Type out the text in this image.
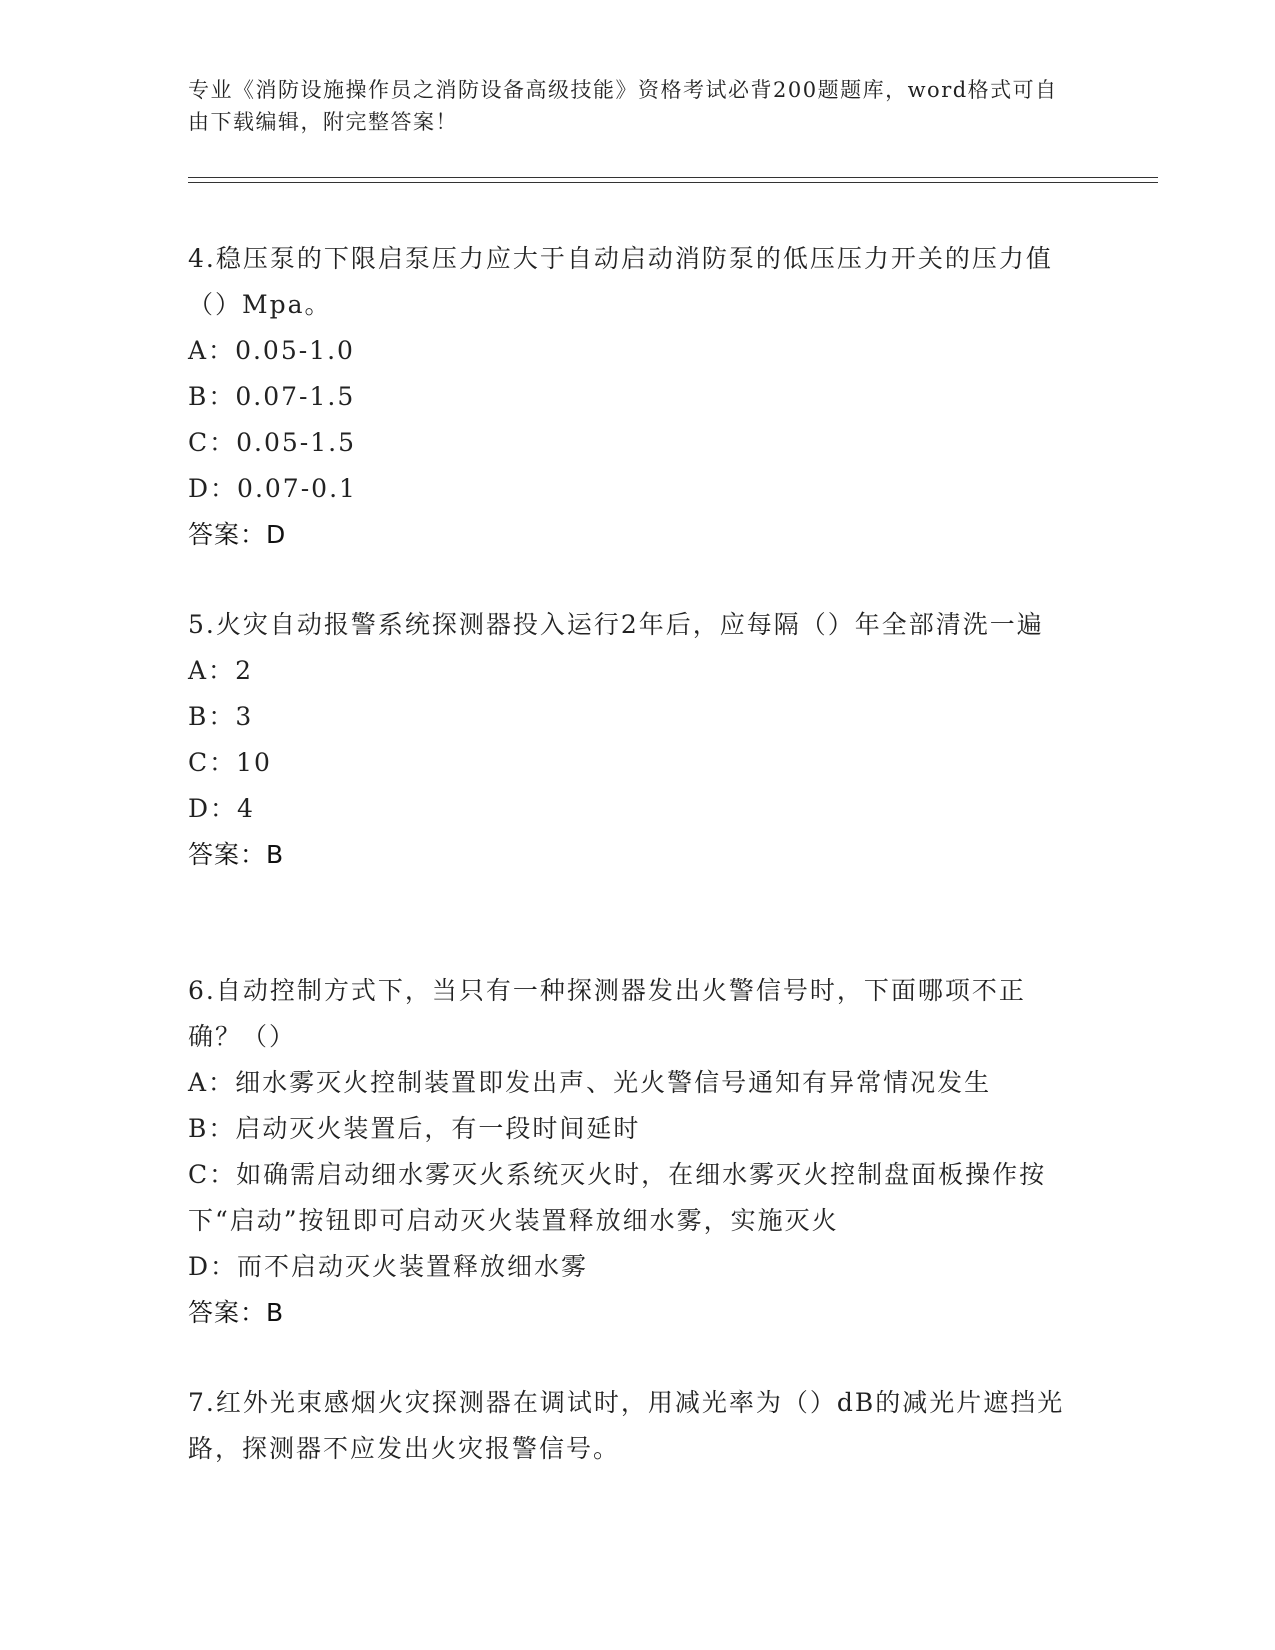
专业《消防设施操作员之消防设备高级技能》资格考试必背200题题库，word格式可自由下载编辑，附完整答案！

4.稳压泵的下限启泵压力应大于自动启动消防泵的低压压力开关的压力值（）Mpa。

A：0.05-1.0

B：0.07-1.5

C：0.05-1.5

D：0.07-0.1

答案：D

5.火灾自动报警系统探测器投入运行2年后，应每隔（）年全部清洗一遍

A：2

B：3

C：10

D：4

答案：B

6.自动控制方式下，当只有一种探测器发出火警信号时，下面哪项不正确？（）

A：细水雾灭火控制装置即发出声、光火警信号通知有异常情况发生

B：启动灭火装置后，有一段时间延时

C：如确需启动细水雾灭火系统灭火时，在细水雾灭火控制盘面板操作按下“启动”按钮即可启动灭火装置释放细水雾，实施灭火

D：而不启动灭火装置释放细水雾

答案：B

7.红外光束感烟火灾探测器在调试时，用减光率为（）dB的减光片遮挡光路，探测器不应发出火灾报警信号。
